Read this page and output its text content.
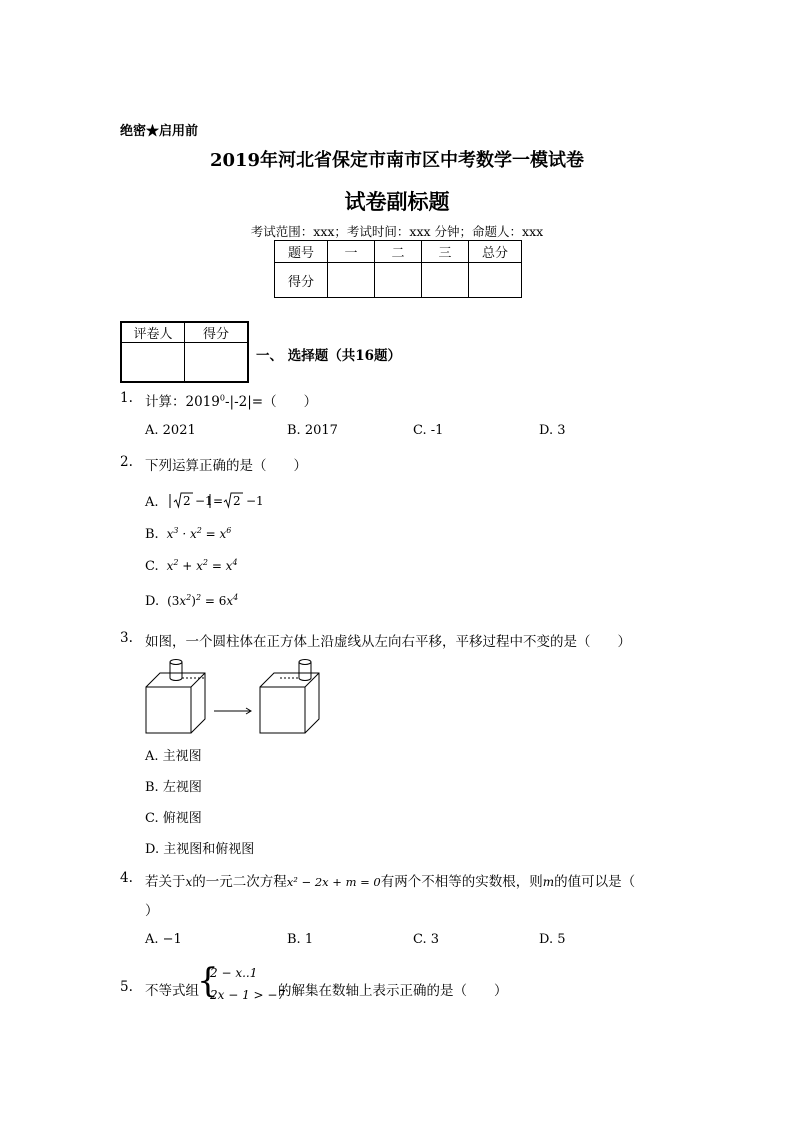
绝密★启用前
2019年河北省保定市南市区中考数学一模试卷
试卷副标题
考试范围：xxx；考试时间：xxx 分钟；命题人：xxx
题号	一	二	三	总分
得分				
评卷人	得分

一、 选择题（共16题）
1. 计算：$2019^0-|-2|=$（　　）
A. 2021	B. 2017	C. -1	D. 3
2. 下列运算正确的是（　　）
A. 2 −1 = 2 −1
B.  $x^3 \cdot x^2 = x^6$
C.  $x^2 + x^2 = x^4$
D. $(3x^2)^2 = 6x^4$
3. 如图，一个圆柱体在正方体上沿虚线从左向右平移，平移过程中不变的是（　　）
A. 主视图
B. 左视图
C. 俯视图
D. 主视图和俯视图
4. 若关于x的一元二次方程x² − 2x + m = 0有两个不相等的实数根，则m的值可以是（
）
A. −1	B. 1	C. 3	D. 5
5. 不等式组
{
2 − x..1
2x − 1 > −7
的解集在数轴上表示正确的是（　　）
